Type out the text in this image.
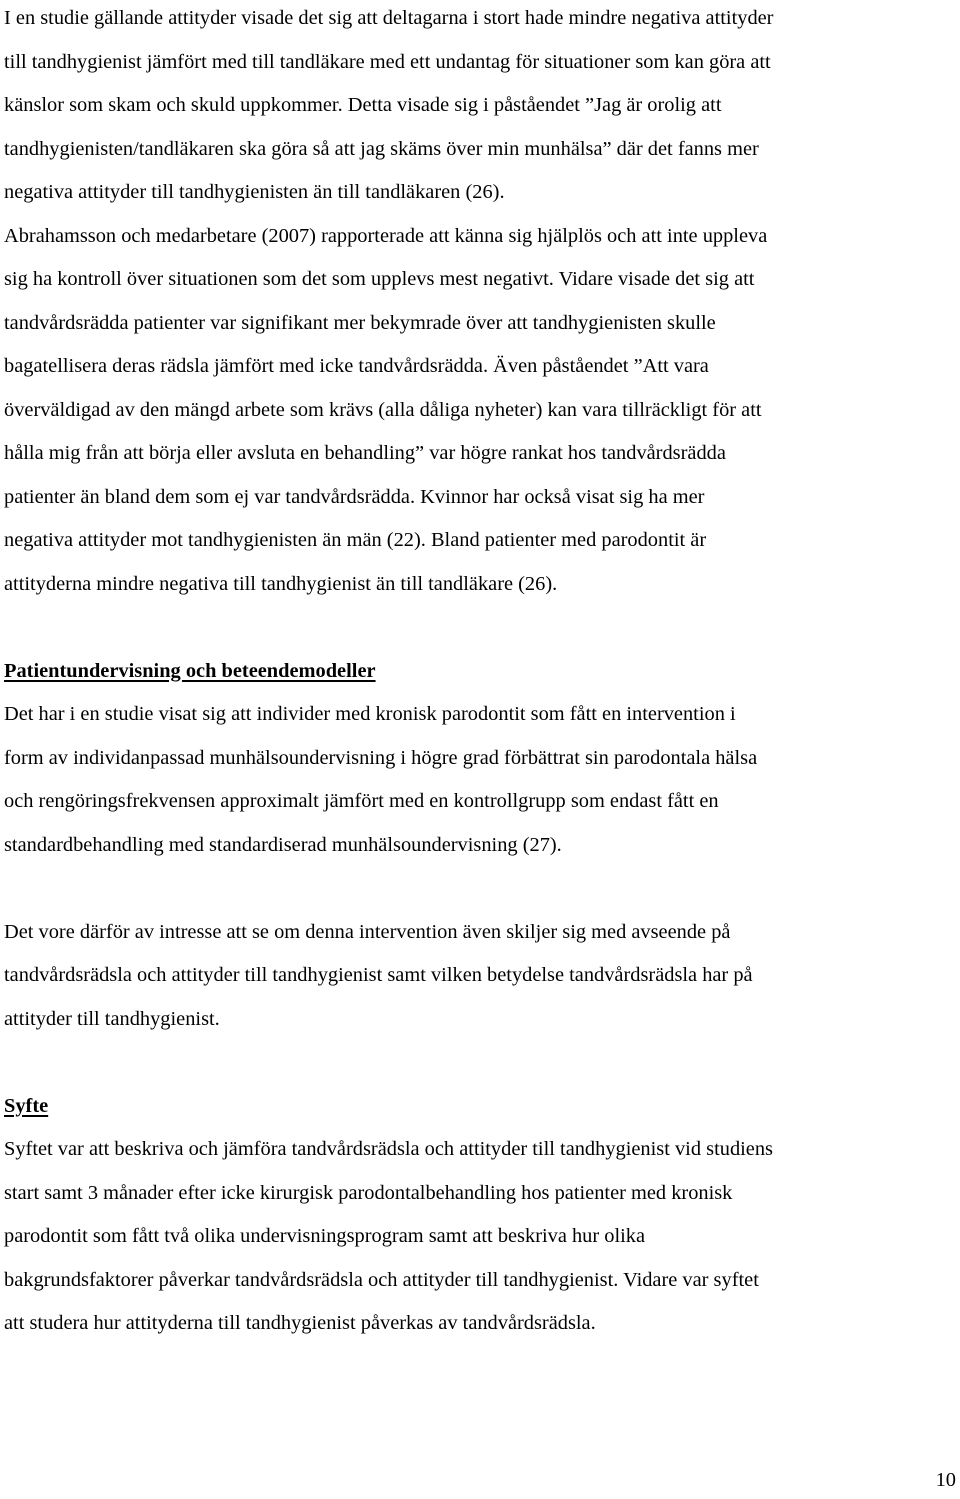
I en studie gällande attityder visade det sig att deltagarna i stort hade mindre negativa attityder
till tandhygienist jämfört med till tandläkare med ett undantag för situationer som kan göra att
känslor som skam och skuld uppkommer. Detta visade sig i påståendet ”Jag är orolig att
tandhygienisten/tandläkaren ska göra så att jag skäms över min munhälsa” där det fanns mer
negativa attityder till tandhygienisten än till tandläkaren (26).
Abrahamsson och medarbetare (2007) rapporterade att känna sig hjälplös och att inte uppleva
sig ha kontroll över situationen som det som upplevs mest negativt. Vidare visade det sig att
tandvårdsrädda patienter var signifikant mer bekymrade över att tandhygienisten skulle
bagatellisera deras rädsla jämfört med icke tandvårdsrädda. Även påståendet ”Att vara
överväldigad av den mängd arbete som krävs (alla dåliga nyheter) kan vara tillräckligt för att
hålla mig från att börja eller avsluta en behandling” var högre rankat hos tandvårdsrädda
patienter än bland dem som ej var tandvårdsrädda. Kvinnor har också visat sig ha mer
negativa attityder mot tandhygienisten än män (22). Bland patienter med parodontit är
attityderna mindre negativa till tandhygienist än till tandläkare (26).

Patientundervisning och beteendemodeller

Det har i en studie visat sig att individer med kronisk parodontit som fått en intervention i
form av individanpassad munhälsoundervisning i högre grad förbättrat sin parodontala hälsa
och rengöringsfrekvensen approximalt jämfört med en kontrollgrupp som endast fått en
standardbehandling med standardiserad munhälsoundervisning (27).

Det vore därför av intresse att se om denna intervention även skiljer sig med avseende på
tandvårdsrädsla och attityder till tandhygienist samt vilken betydelse tandvårdsrädsla har på
attityder till tandhygienist.

Syfte

Syftet var att beskriva och jämföra tandvårdsrädsla och attityder till tandhygienist vid studiens
start samt 3 månader efter icke kirurgisk parodontalbehandling hos patienter med kronisk
parodontit som fått två olika undervisningsprogram samt att beskriva hur olika
bakgrundsfaktorer påverkar tandvårdsrädsla och attityder till tandhygienist. Vidare var syftet
att studera hur attityderna till tandhygienist påverkas av tandvårdsrädsla.

10
